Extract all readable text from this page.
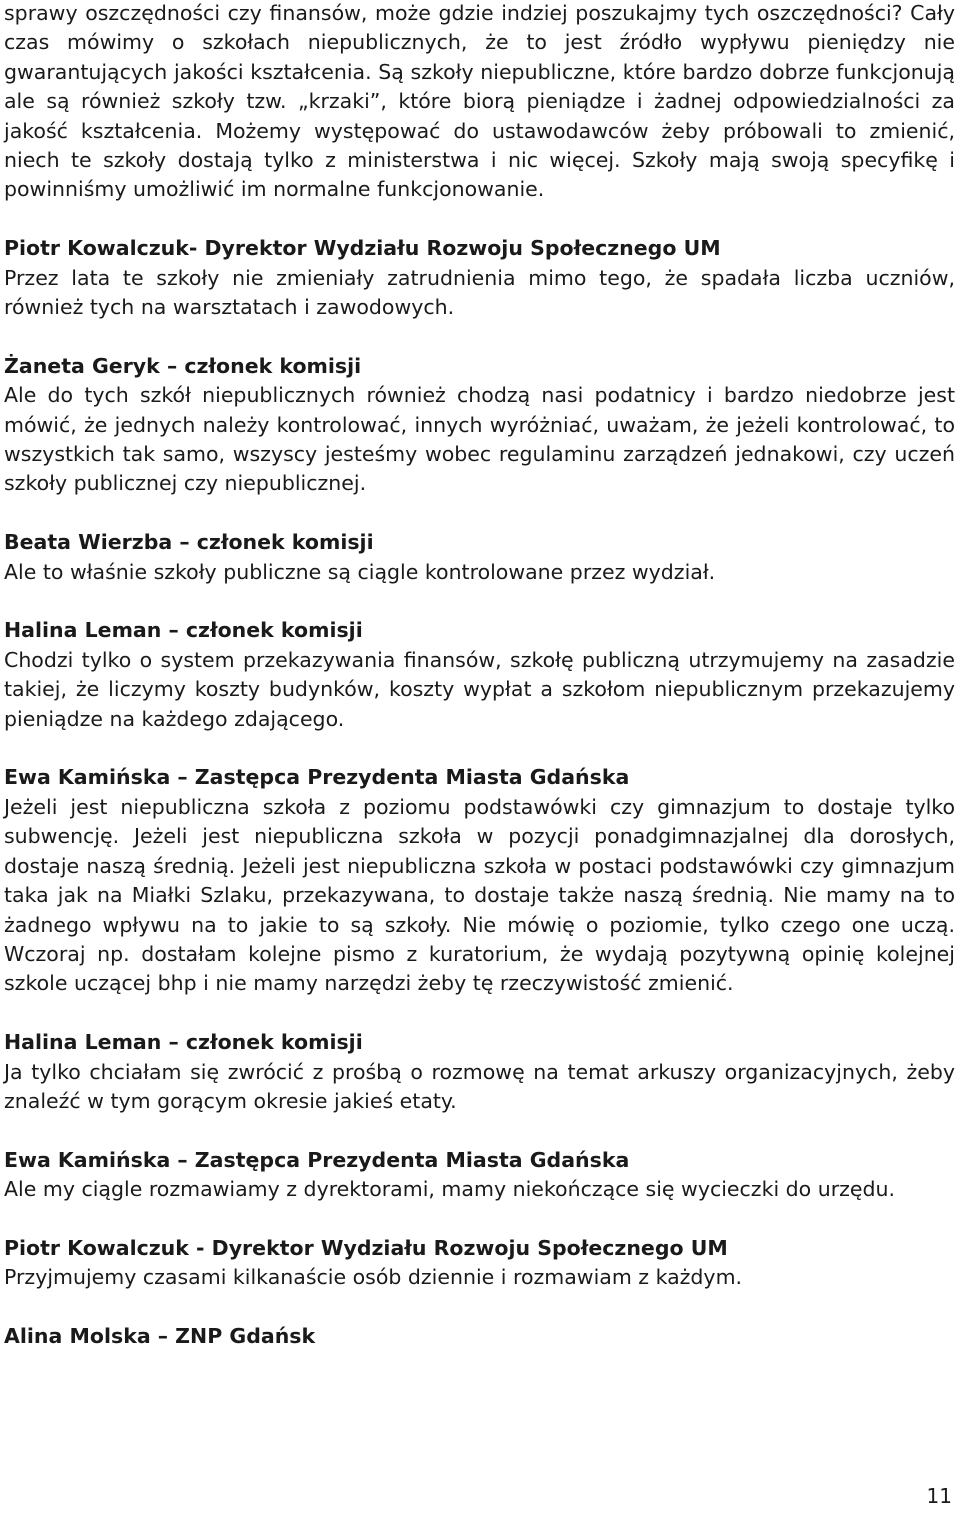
sprawy oszczędności czy finansów, może gdzie indziej poszukajmy tych oszczędności? Cały czas mówimy o szkołach niepublicznych, że to jest źródło wypływu pieniędzy nie gwarantujących jakości kształcenia. Są szkoły niepubliczne, które bardzo dobrze funkcjonują ale są również szkoły tzw. „krzaki”, które biorą pieniądze i żadnej odpowiedzialności za jakość kształcenia. Możemy występować do ustawodawców żeby próbowali to zmienić, niech te szkoły dostają tylko z ministerstwa i nic więcej. Szkoły mają swoją specyfikę i powinniśmy umożliwić im normalne funkcjonowanie.

Piotr Kowalczuk- Dyrektor Wydziału Rozwoju Społecznego UM

Przez lata te szkoły nie zmieniały zatrudnienia mimo tego, że spadała liczba uczniów, również tych na warsztatach i zawodowych.

Żaneta Geryk – członek komisji

Ale do tych szkół niepublicznych również chodzą nasi podatnicy i bardzo niedobrze jest mówić, że jednych należy kontrolować, innych wyróżniać, uważam, że jeżeli kontrolować, to wszystkich tak samo, wszyscy jesteśmy wobec regulaminu zarządzeń jednakowi, czy uczeń szkoły publicznej czy niepublicznej.

Beata Wierzba – członek komisji

Ale to właśnie szkoły publiczne są ciągle kontrolowane przez wydział.

Halina Leman – członek komisji

Chodzi tylko o system przekazywania finansów, szkołę publiczną utrzymujemy na zasadzie takiej, że liczymy koszty budynków, koszty wypłat a szkołom niepublicznym przekazujemy pieniądze na każdego zdającego.

Ewa Kamińska – Zastępca Prezydenta Miasta Gdańska

Jeżeli jest niepubliczna szkoła z poziomu podstawówki czy gimnazjum to dostaje tylko subwencję. Jeżeli jest niepubliczna szkoła w pozycji ponadgimnazjalnej dla dorosłych, dostaje naszą średnią. Jeżeli jest niepubliczna szkoła w postaci podstawówki czy gimnazjum taka jak na Miałki Szlaku, przekazywana, to dostaje także naszą średnią. Nie mamy na to żadnego wpływu na to jakie to są szkoły. Nie mówię o poziomie, tylko czego one uczą. Wczoraj np. dostałam kolejne pismo z kuratorium, że wydają pozytywną opinię kolejnej szkole uczącej bhp i nie mamy narzędzi żeby tę rzeczywistość zmienić.

Halina Leman – członek komisji

Ja tylko chciałam się zwrócić z prośbą o rozmowę na temat arkuszy organizacyjnych, żeby znaleźć w tym gorącym okresie jakieś etaty.

Ewa Kamińska – Zastępca Prezydenta Miasta Gdańska

Ale my ciągle rozmawiamy z dyrektorami, mamy niekończące się wycieczki do urzędu.

Piotr Kowalczuk - Dyrektor Wydziału Rozwoju Społecznego UM

Przyjmujemy czasami kilkanaście osób dziennie i rozmawiam z każdym.

Alina Molska – ZNP Gdańsk

11
